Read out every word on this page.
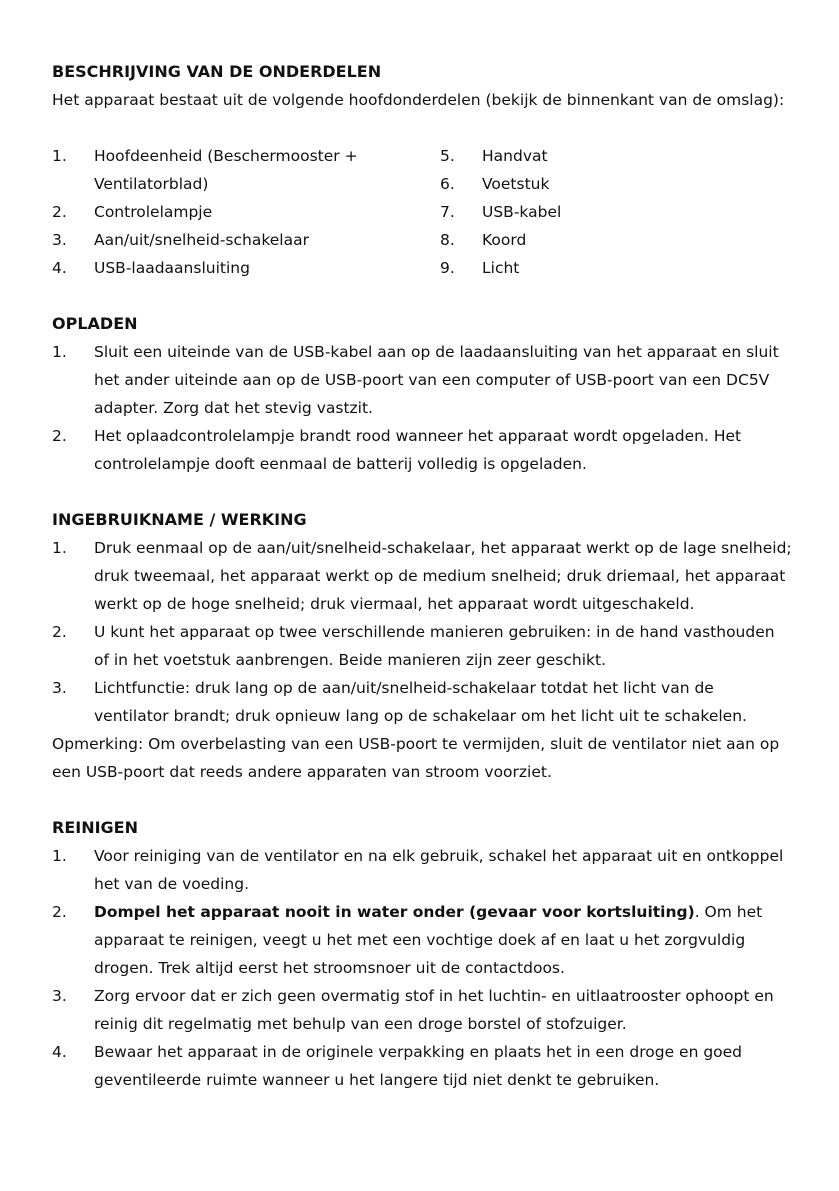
BESCHRIJVING VAN DE ONDERDELEN

Het apparaat bestaat uit de volgende hoofdonderdelen (bekijk de binnenkant van de omslag):

1.	Hoofdeenheid (Beschermooster + Ventilatorblad)
2.	Controlelampje
3.	Aan/uit/snelheid-schakelaar
4.	USB-laadaansluiting
5.	Handvat
6.	Voetstuk
7.	USB-kabel
8.	Koord
9.	Licht

OPLADEN

1.	Sluit een uiteinde van de USB-kabel aan op de laadaansluiting van het apparaat en sluit het ander uiteinde aan op de USB-poort van een computer of USB-poort van een DC5V adapter. Zorg dat het stevig vastzit.
2.	Het oplaadcontrolelampje brandt rood wanneer het apparaat wordt opgeladen. Het controlelampje dooft eenmaal de batterij volledig is opgeladen.

INGEBRUIKNAME / WERKING

1.	Druk eenmaal op de aan/uit/snelheid-schakelaar, het apparaat werkt op de lage snelheid; druk tweemaal, het apparaat werkt op de medium snelheid; druk driemaal, het apparaat werkt op de hoge snelheid; druk viermaal, het apparaat wordt uitgeschakeld.
2.	U kunt het apparaat op twee verschillende manieren gebruiken: in de hand vasthouden of in het voetstuk aanbrengen. Beide manieren zijn zeer geschikt.
3.	Lichtfunctie: druk lang op de aan/uit/snelheid-schakelaar totdat het licht van de ventilator brandt; druk opnieuw lang op de schakelaar om het licht uit te schakelen.

Opmerking: Om overbelasting van een USB-poort te vermijden, sluit de ventilator niet aan op een USB-poort dat reeds andere apparaten van stroom voorziet.

REINIGEN

1.	Voor reiniging van de ventilator en na elk gebruik, schakel het apparaat uit en ontkoppel het van de voeding.
2.	Dompel het apparaat nooit in water onder (gevaar voor kortsluiting). Om het apparaat te reinigen, veegt u het met een vochtige doek af en laat u het zorgvuldig drogen. Trek altijd eerst het stroomsnoer uit de contactdoos.
3.	Zorg ervoor dat er zich geen overmatig stof in het luchtin- en uitlaatrooster ophoopt en reinig dit regelmatig met behulp van een droge borstel of stofzuiger.
4.	Bewaar het apparaat in de originele verpakking en plaats het in een droge en goed geventileerde ruimte wanneer u het langere tijd niet denkt te gebruiken.
